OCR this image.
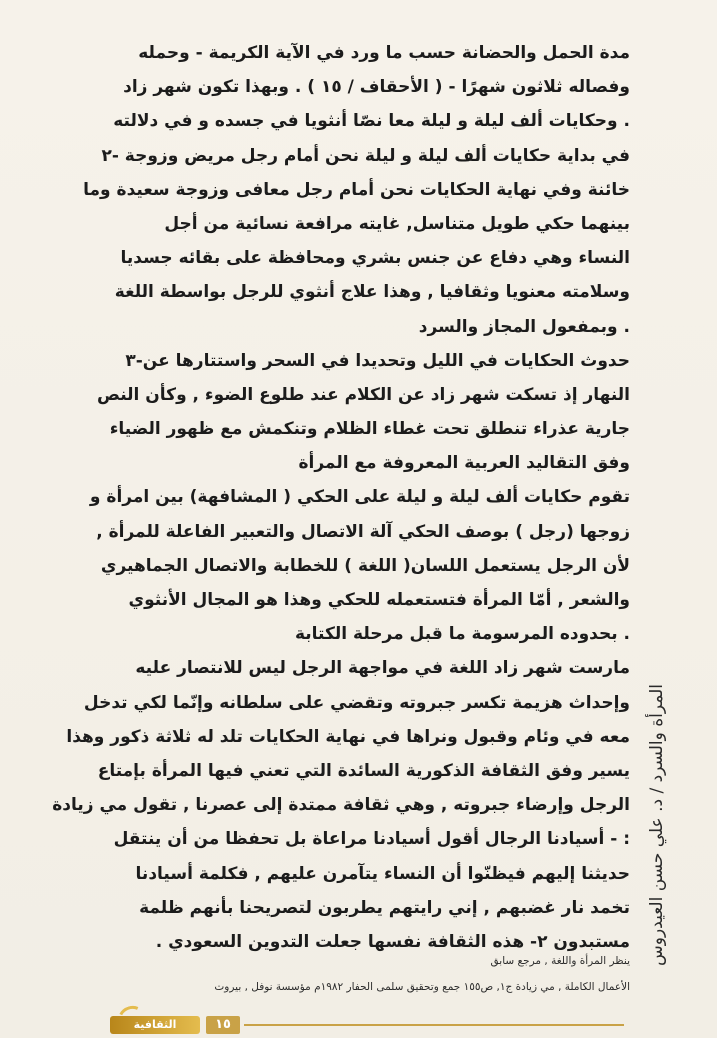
مدة الحمل والحضانة حسب ما ورد في الآية الكريمة - وحمله
وفصاله ثلاثون شهرًا - ( الأحقاف / ١٥ ) . وبهذا تكون شهر زاد
. وحكايات ألف ليلة و ليلة معا نصّا أنثويا في جسده و في دلالته
في بداية حكايات ألف ليلة و ليلة نحن أمام رجل مريض وزوجة -٢
خائنة وفي نهاية الحكايات نحن أمام رجل معافى وزوجة سعيدة وما
بينهما حكي طويل متناسل, غايته مرافعة نسائية من أجل
النساء وهي دفاع عن جنس بشري ومحافظة على بقائه جسديا
وسلامته معنويا وثقافيا , وهذا علاج أنثوي للرجل بواسطة اللغة
. وبمفعول المجاز والسرد
حدوث الحكايات في الليل وتحديدا في السحر واستتارها عن-٣
النهار إذ تسكت شهر زاد عن الكلام عند طلوع الضوء , وكأن النص
جارية عذراء تنطلق تحت غطاء الظلام وتنكمش مع ظهور الضياء
وفق التقاليد العربية المعروفة مع المرأة
تقوم حكايات ألف ليلة و ليلة على الحكي ( المشافهة) بين امرأة و
زوجها (رجل ) بوصف الحكي آلة الاتصال والتعبير الفاعلة للمرأة ,
لأن الرجل يستعمل اللسان( اللغة ) للخطابة والاتصال الجماهيري
والشعر , أمّا المرأة فتستعمله للحكي وهذا هو المجال الأنثوي
. بحدوده المرسومة ما قبل مرحلة الكتابة
مارست شهر زاد اللغة في مواجهة الرجل ليس للانتصار عليه
وإحداث هزيمة تكسر جبروته وتقضي على سلطانه وإنّما لكي تدخل
معه في وئام وقبول ونراها في نهاية الحكايات تلد له ثلاثة ذكور وهذا
يسير وفق الثقافة الذكورية السائدة التي تعني فيها المرأة بإمتاع
الرجل وإرضاء جبروته , وهي ثقافة ممتدة إلى عصرنا , تقول مي زيادة
: - أسيادنا الرجال أقول أسيادنا مراعاة بل تحفظا من أن ينتقل
حديثنا إليهم فيظنّوا أن النساء يتآمرن عليهم , فكلمة أسيادنا
تخمد نار غضبهم , إني رايتهم يطربون لتصريحنا بأنهم ظلمة
مستبدون ٢- هذه الثقافة نفسها جعلت التدوين السعودي . المرأة والسرد / د. علي حسن العيدروس
ينظر المرأة واللغة , مرجع سابق
الأعمال الكاملة , مي زيادة ج١, ص١٥٥ جمع وتحقيق سلمى الحفار ١٩٨٢م مؤسسة نوفل , بيروت
الثقافية	١٥
